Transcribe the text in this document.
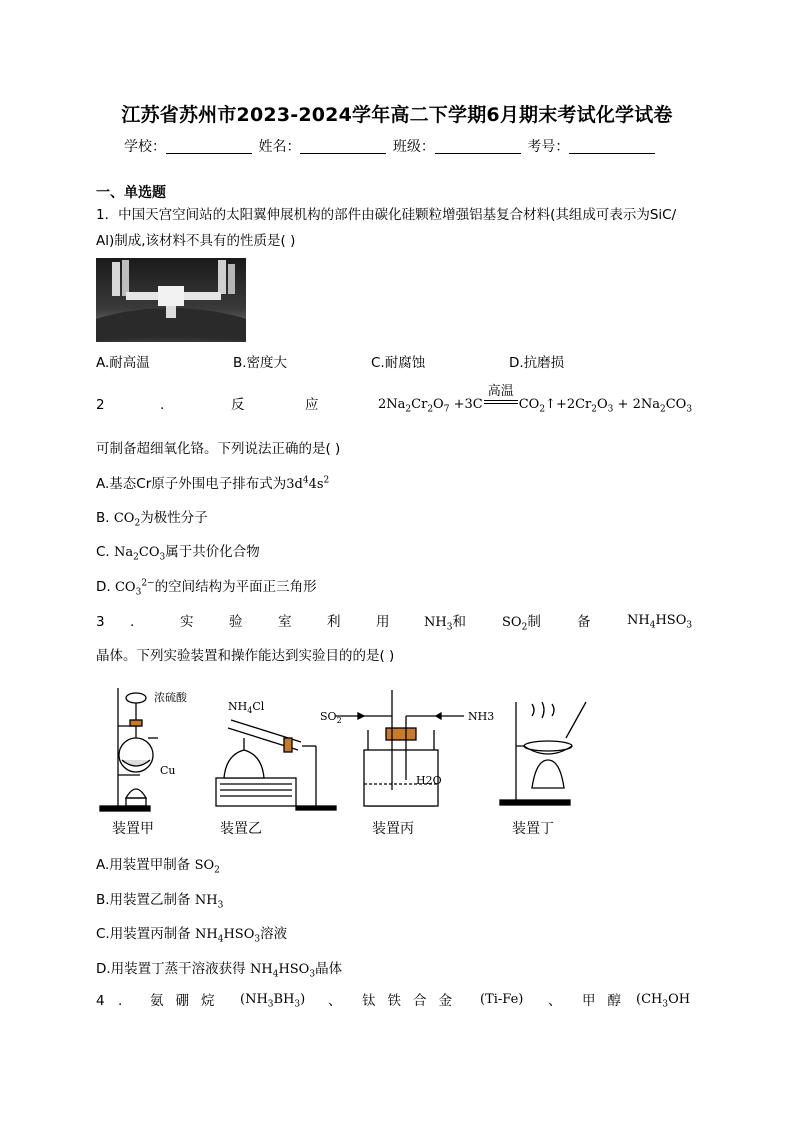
江苏省苏州市2023-2024学年高二下学期6月期末考试化学试卷
学校：	姓名：	班级：	考号：
一、单选题
1．中国天宫空间站的太阳翼伸展机构的部件由碳化硅颗粒增强铝基复合材料(其组成可表示为SiC/
Al)制成,该材料不具有的性质是( )
A.耐高温	B.密度大	C.耐腐蚀	D.抗磨损
2	.	反	应	$2Na_2Cr_2O_7 +3C$
高温
$CO_2↑+2Cr_2O_3 + 2Na_2CO_3$
可制备超细氧化铬。下列说法正确的是( )
A.基态Cr原子外围电子排布式为$3d^44s^2$
B. $CO_2$为极性分子
C. $Na_2CO_3$属于共价化合物
D. $CO_3^{2-}$的空间结构为平面正三角形
3 .	实	验	室	利	用	$NH_3$和	$SO_2$制	备	$NH_4HSO_3$
晶体。下列实验装置和操作能达到实验目的的是( )
浓硫酸
Cu
$NH_4Cl$
$SO_2$	NH3
H2O
装置甲	装置乙	装置丙	装置丁
A.用装置甲制备 $SO_2$
B.用装置乙制备 $NH_3$
C.用装置丙制备 $NH_4HSO_3$溶液
D.用装置丁蒸干溶液获得 $NH_4HSO_3$晶体
4 . 氨硼烷 $(NH_3BH_3)$ 、 钛铁合金 (Ti-Fe) 、 甲醇 ($CH_3OH$
